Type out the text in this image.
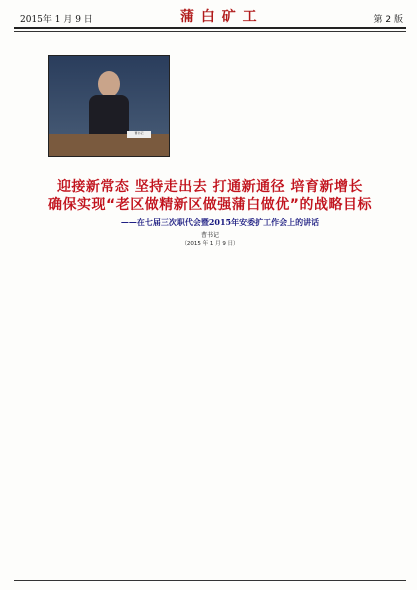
2015年 1 月 9 日	蒲 白 矿 工	第 2 版
曹书记
迎接新常态 坚持走出去 打通新通径 培育新增长
确保实现“老区做精新区做强蒲白做优”的战略目标
——在七届三次职代会暨2015年安委扩工作会上的讲话
曹书记
（2015 年 1 月 9 日）
